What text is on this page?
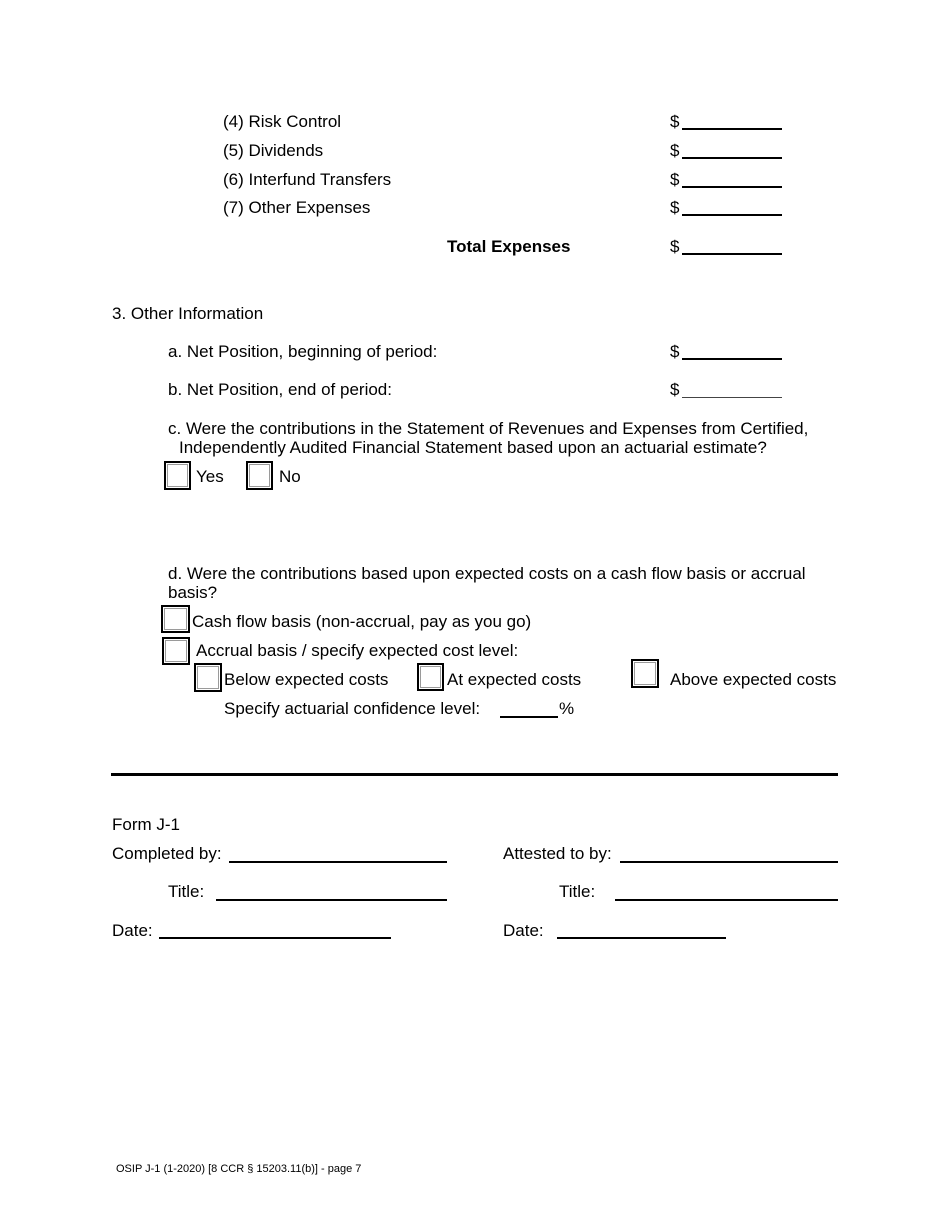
(4) Risk Control	$
(5) Dividends	$
(6) Interfund Transfers	$
(7) Other Expenses	$
Total Expenses	$
3. Other Information
a. Net Position, beginning of period:	$
b. Net Position, end of period:	$
c. Were the contributions in the Statement of Revenues and Expenses from Certified,
Independently Audited Financial Statement based upon an actuarial estimate?
Yes	No
d. Were the contributions based upon expected costs on a cash flow basis or accrual
basis?
Cash flow basis (non-accrual, pay as you go)
Accrual basis / specify expected cost level:
Below expected costs	At expected costs	Above expected costs
Specify actuarial confidence level:	%
Form J-1
Completed by:	Attested to by:
Title:	Title:
Date:	Date:
OSIP J-1 (1-2020) [8 CCR § 15203.11(b)] - page 7
